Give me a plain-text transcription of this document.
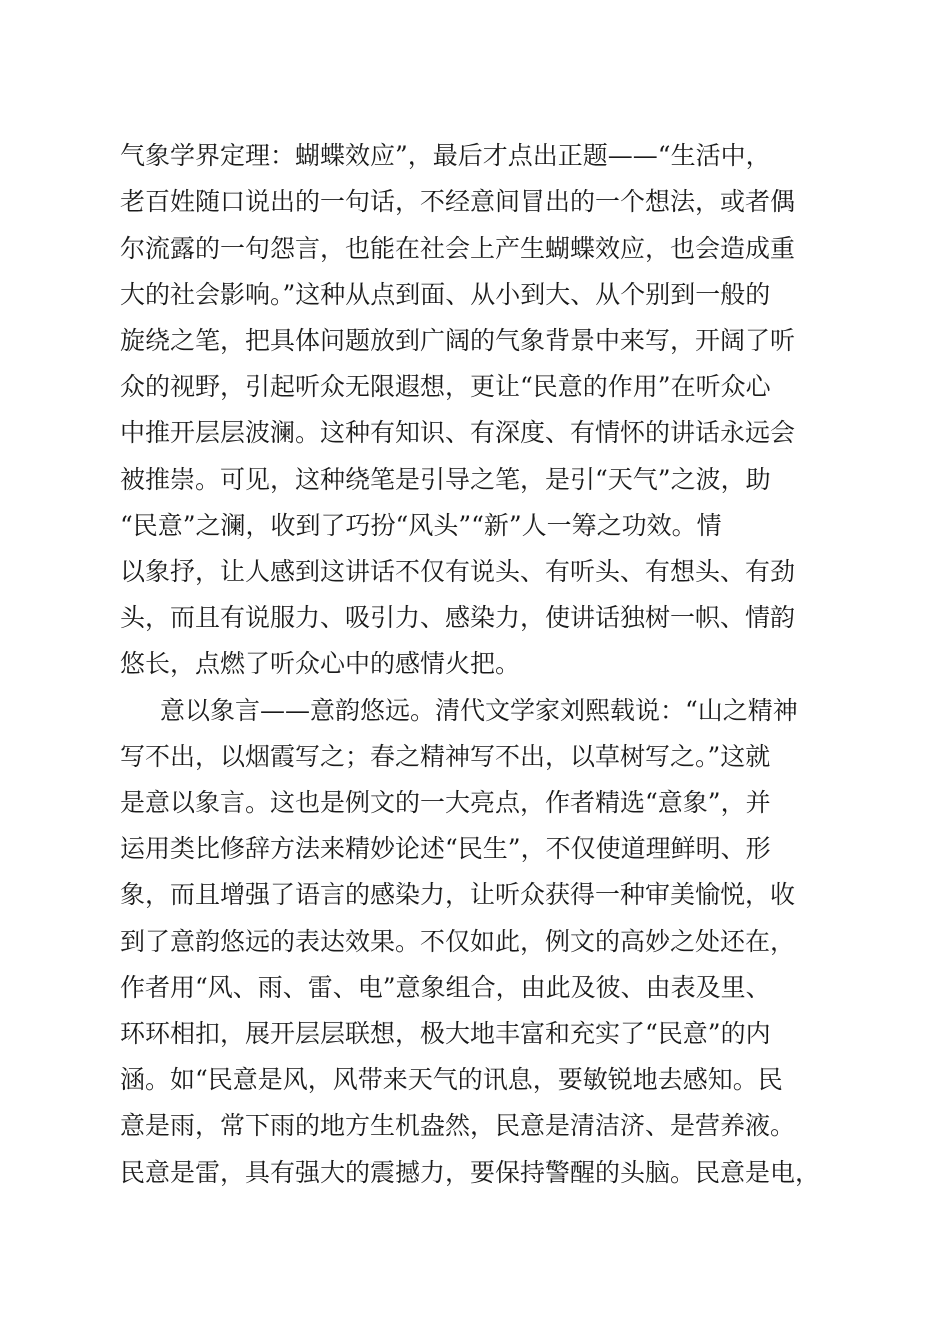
气象学界定理：蝴蝶效应”，最后才点出正题——“生活中，
老百姓随口说出的一句话，不经意间冒出的一个想法，或者偶
尔流露的一句怨言，也能在社会上产生蝴蝶效应，也会造成重
大的社会影响。”这种从点到面、从小到大、从个别到一般的
旋绕之笔，把具体问题放到广阔的气象背景中来写，开阔了听
众的视野，引起听众无限遐想，更让“民意的作用”在听众心
中推开层层波澜。这种有知识、有深度、有情怀的讲话永远会
被推崇。可见，这种绕笔是引导之笔，是引“天气”之波，助
“民意”之澜，收到了巧扮“风头”“新”人一筹之功效。情
以象抒，让人感到这讲话不仅有说头、有听头、有想头、有劲
头，而且有说服力、吸引力、感染力，使讲话独树一帜、情韵
悠长，点燃了听众心中的感情火把。
意以象言——意韵悠远。清代文学家刘熙载说：“山之精神
写不出，以烟霞写之；春之精神写不出，以草树写之。”这就
是意以象言。这也是例文的一大亮点，作者精选“意象”，并
运用类比修辞方法来精妙论述“民生”，不仅使道理鲜明、形
象，而且增强了语言的感染力，让听众获得一种审美愉悦，收
到了意韵悠远的表达效果。不仅如此，例文的高妙之处还在，
作者用“风、雨、雷、电”意象组合，由此及彼、由表及里、
环环相扣，展开层层联想，极大地丰富和充实了“民意”的内
涵。如“民意是风，风带来天气的讯息，要敏锐地去感知。民
意是雨，常下雨的地方生机盎然，民意是清洁济、是营养液。
民意是雷，具有强大的震撼力，要保持警醒的头脑。民意是电，
